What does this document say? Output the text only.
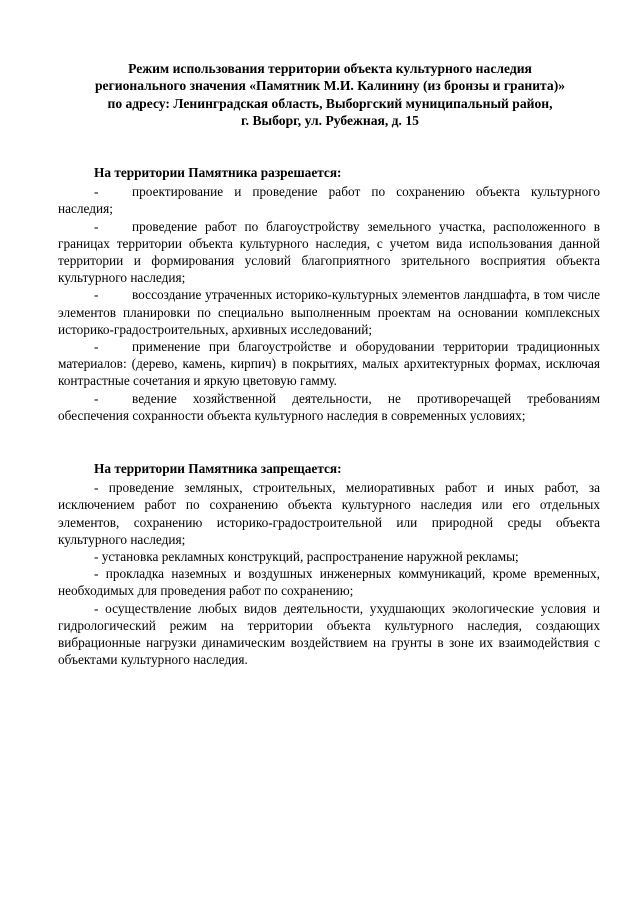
Режим использования территории объекта культурного наследия
регионального значения «Памятник М.И. Калинину (из бронзы и гранита)»
по адресу: Ленинградская область, Выборгский муниципальный район,
г. Выборг, ул. Рубежная, д. 15
На территории Памятника разрешается:

-	проектирование и проведение работ по сохранению объекта культурного наследия;

-	проведение работ по благоустройству земельного участка, расположенного в границах территории объекта культурного наследия, с учетом вида использования данной территории и формирования условий благоприятного зрительного восприятия объекта культурного наследия;

-	воссоздание утраченных историко-культурных элементов ландшафта, в том числе элементов планировки по специально выполненным проектам на основании комплексных историко-градостроительных, архивных исследований;

-	применение при благоустройстве и оборудовании территории традиционных материалов: (дерево, камень, кирпич) в покрытиях, малых архитектурных формах, исключая контрастные сочетания и яркую цветовую гамму.

-	ведение хозяйственной деятельности, не противоречащей требованиям обеспечения сохранности объекта культурного наследия в современных условиях;

На территории Памятника запрещается:

- проведение земляных, строительных, мелиоративных работ и иных работ, за исключением работ по сохранению объекта культурного наследия или его отдельных элементов, сохранению историко-градостроительной или природной среды объекта культурного наследия;

- установка рекламных конструкций, распространение наружной рекламы;

- прокладка наземных и воздушных инженерных коммуникаций, кроме временных, необходимых для проведения работ по сохранению;

- осуществление любых видов деятельности, ухудшающих экологические условия и гидрологический режим на территории объекта культурного наследия, создающих вибрационные нагрузки динамическим воздействием на грунты в зоне их взаимодействия с объектами культурного наследия.
